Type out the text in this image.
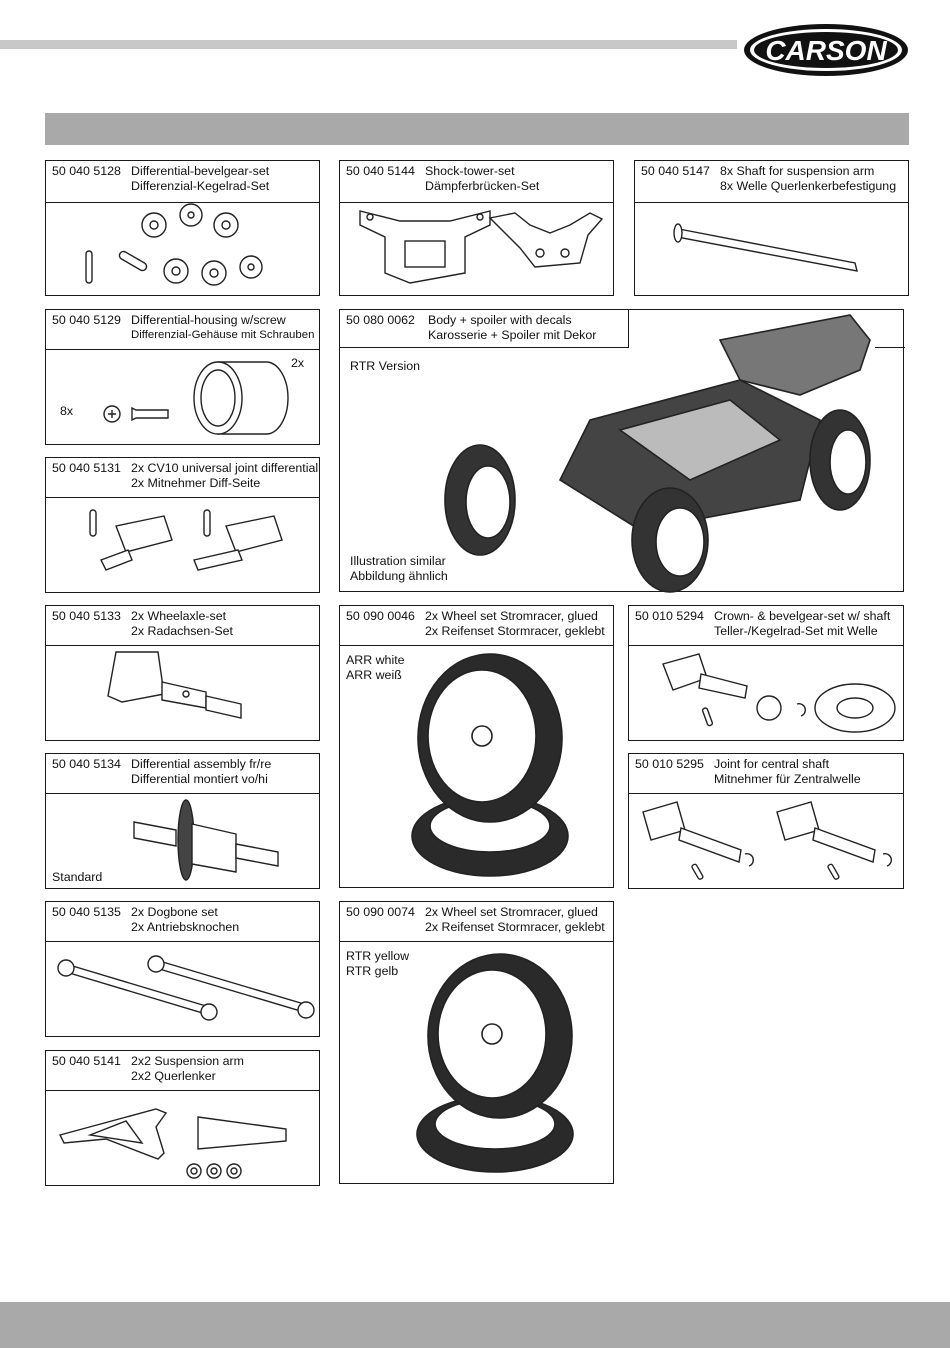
CARSON
50 040 5128 Differential-bevelgear-set
Differenzial-Kegelrad-Set
50 040 5144 Shock-tower-set
Dämpferbrücken-Set
50 040 5147 8x Shaft for suspension arm
8x Welle Querlenkerbefestigung
50 040 5129 Differential-housing w/screw
Differenzial-Gehäuse mit Schrauben
2x
8x
50 040 5131 2x CV10 universal joint differential
2x Mitnehmer Diff-Seite
50 080 0062 Body + spoiler with decals
Karosserie + Spoiler mit Dekor
RTR Version
Illustration similar
Abbildung ähnlich
50 040 5133 2x Wheelaxle-set
2x Radachsen-Set
50 090 0046 2x Wheel set Stromracer, glued
2x Reifenset Stormracer, geklebt
ARR white
ARR weiß
50 010 5294 Crown- & bevelgear-set w/ shaft
Teller-/Kegelrad-Set mit Welle
50 040 5134 Differential assembly fr/re
Differential montiert vo/hi
Standard
50 010 5295 Joint for central shaft
Mitnehmer für Zentralwelle
50 040 5135 2x Dogbone set
2x Antriebsknochen
50 090 0074 2x Wheel set Stromracer, glued
2x Reifenset Stormracer, geklebt
RTR yellow
RTR gelb
50 040 5141 2x2 Suspension arm
2x2 Querlenker
